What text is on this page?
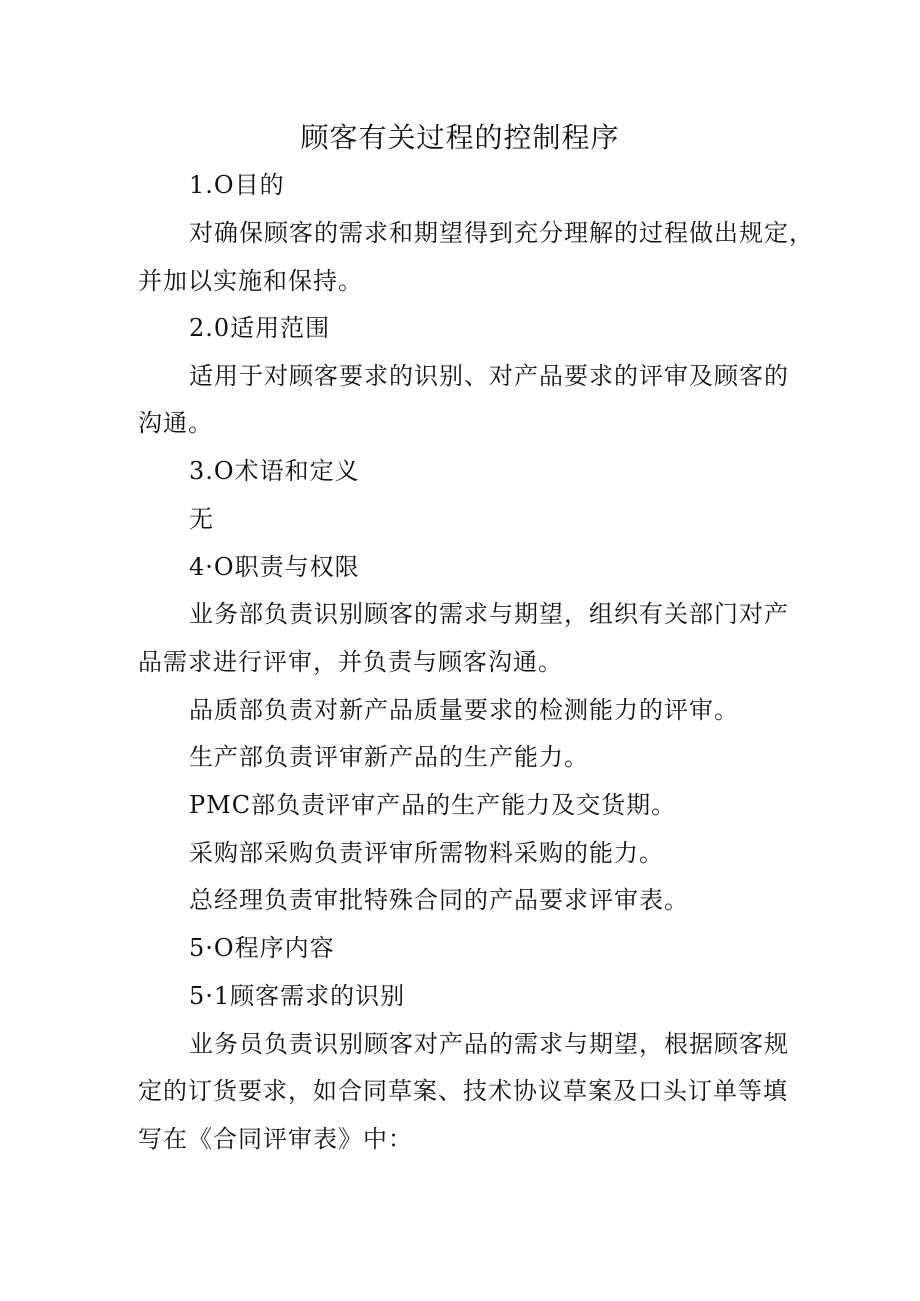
顾客有关过程的控制程序
1.O目的
对确保顾客的需求和期望得到充分理解的过程做出规定，
并加以实施和保持。
2.0适用范围
适用于对顾客要求的识别、对产品要求的评审及顾客的
沟通。
3.O术语和定义
无
4·O职责与权限
业务部负责识别顾客的需求与期望，组织有关部门对产
品需求进行评审，并负责与顾客沟通。
品质部负责对新产品质量要求的检测能力的评审。
生产部负责评审新产品的生产能力。
PMC部负责评审产品的生产能力及交货期。
采购部采购负责评审所需物料采购的能力。
总经理负责审批特殊合同的产品要求评审表。
5·O程序内容
5·1顾客需求的识别
业务员负责识别顾客对产品的需求与期望，根据顾客规
定的订货要求，如合同草案、技术协议草案及口头订单等填
写在《合同评审表》中：
